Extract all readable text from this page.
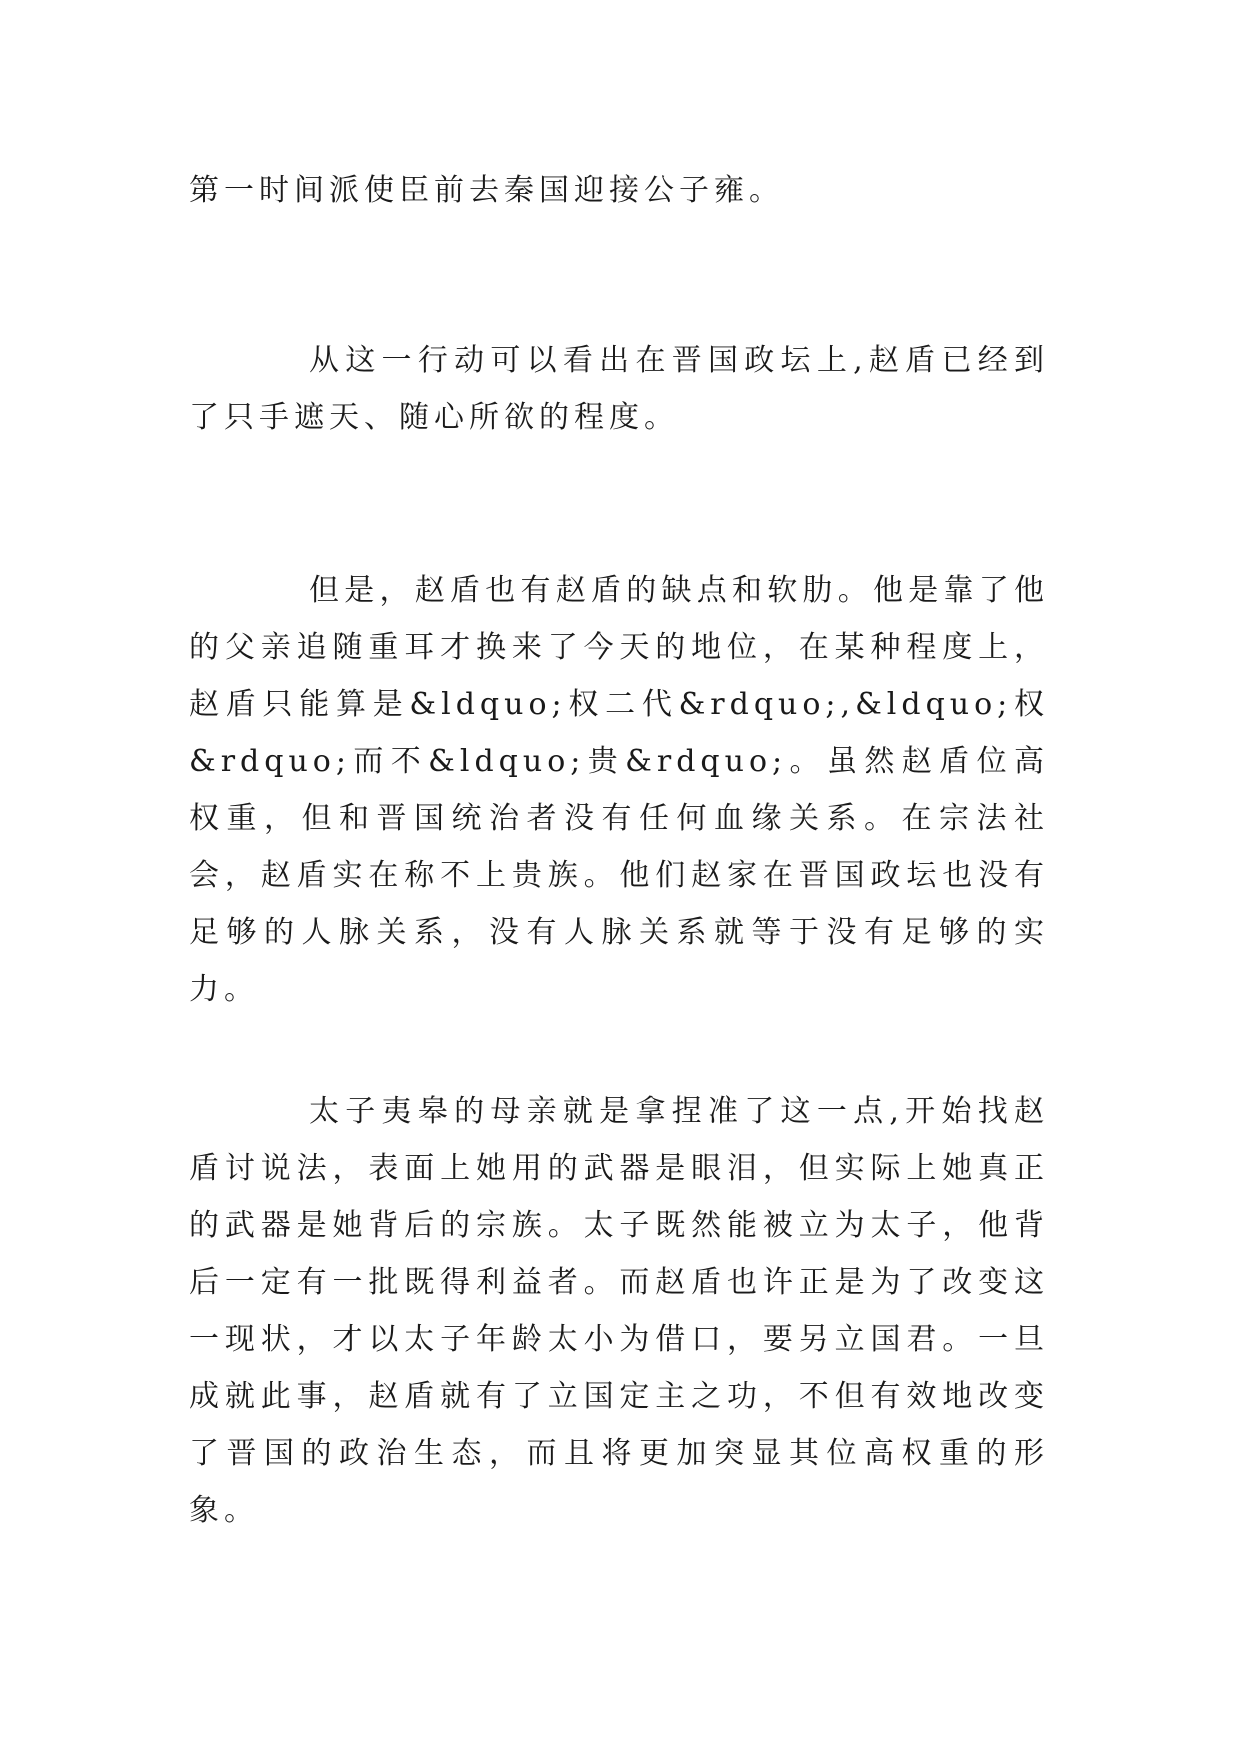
第一时间派使臣前去秦国迎接公子雍。

从这一行动可以看出在晋国政坛上,赵盾已经到了只手遮天、随心所欲的程度。

但是，赵盾也有赵盾的缺点和软肋。他是靠了他的父亲追随重耳才换来了今天的地位，在某种程度上，赵盾只能算是&ldquo;权二代&rdquo;,&ldquo;权&rdquo;而不&ldquo;贵&rdquo;。虽然赵盾位高权重，但和晋国统治者没有任何血缘关系。在宗法社会，赵盾实在称不上贵族。他们赵家在晋国政坛也没有足够的人脉关系，没有人脉关系就等于没有足够的实力。

太子夷皋的母亲就是拿捏准了这一点,开始找赵盾讨说法，表面上她用的武器是眼泪，但实际上她真正的武器是她背后的宗族。太子既然能被立为太子，他背后一定有一批既得利益者。而赵盾也许正是为了改变这一现状，才以太子年龄太小为借口，要另立国君。一旦成就此事，赵盾就有了立国定主之功，不但有效地改变了晋国的政治生态，而且将更加突显其位高权重的形象。
